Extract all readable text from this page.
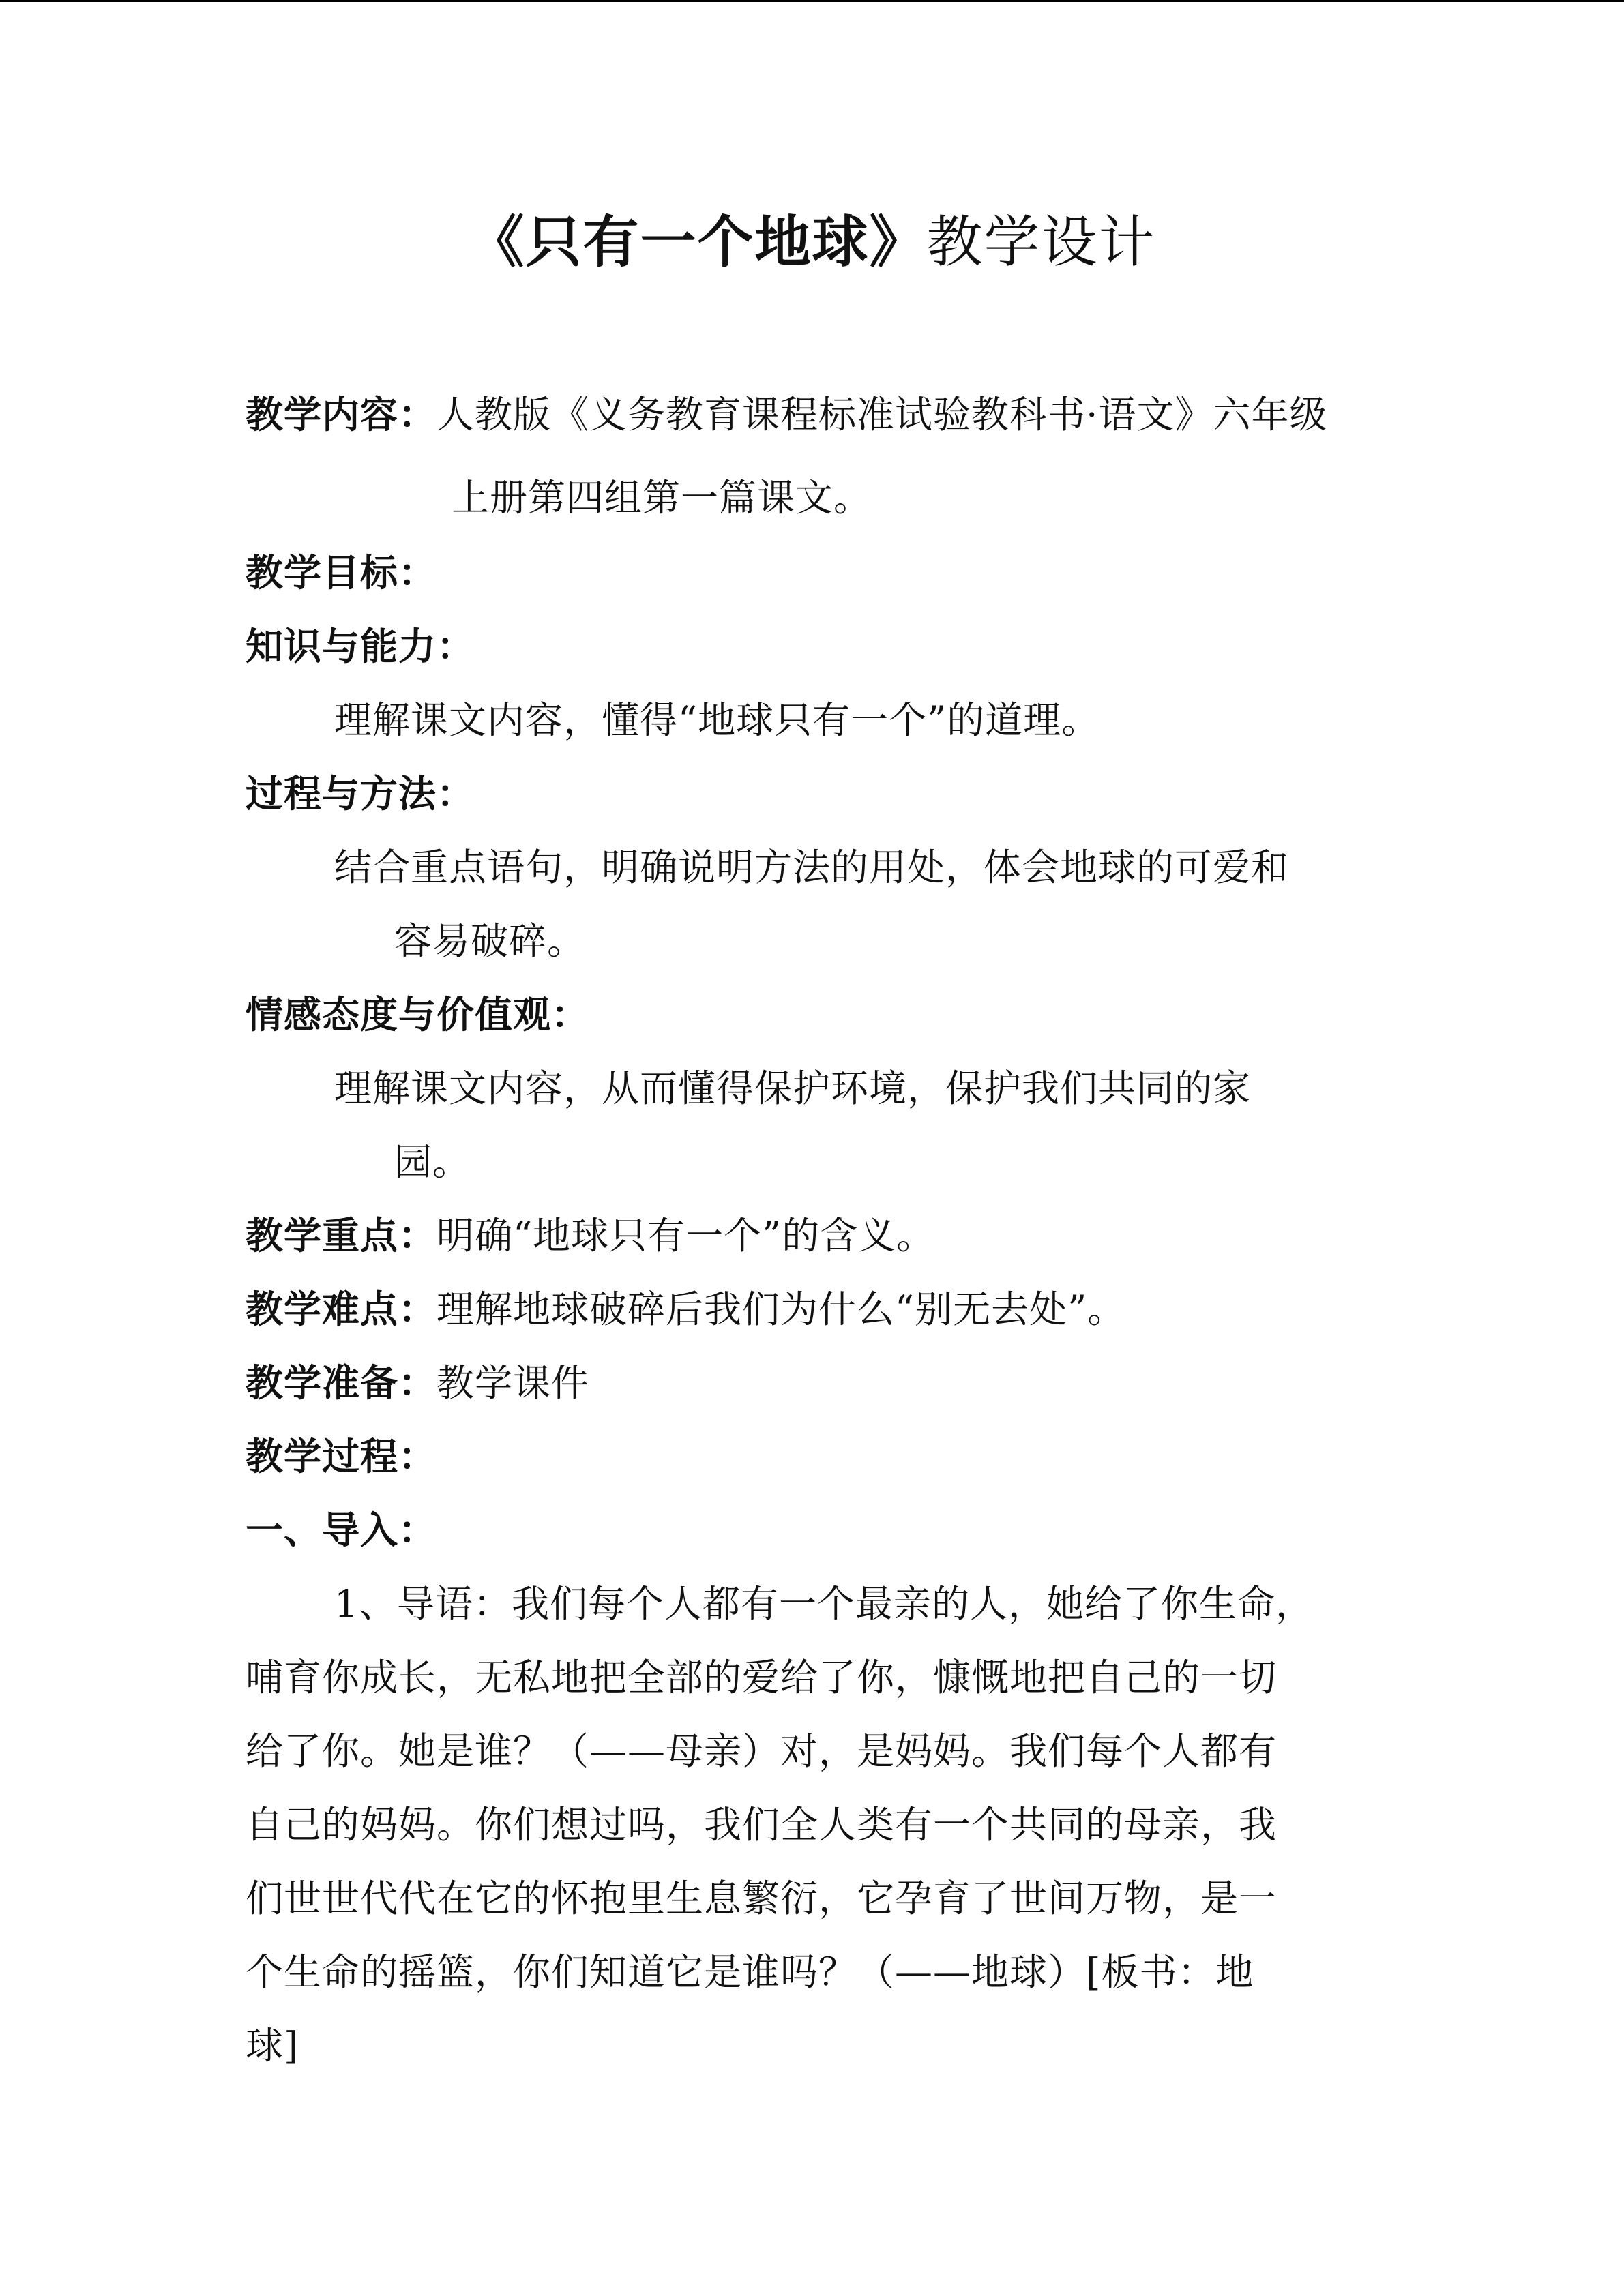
《只有一个地球》教学设计
教学内容：人教版《义务教育课程标准试验教科书·语文》六年级
上册第四组第一篇课文。
教学目标：
知识与能力：
理解课文内容，懂得“地球只有一个”的道理。
过程与方法：
结合重点语句，明确说明方法的用处，体会地球的可爱和
容易破碎。
情感态度与价值观：
理解课文内容，从而懂得保护环境，保护我们共同的家
园。
教学重点：明确“地球只有一个”的含义。
教学难点：理解地球破碎后我们为什么“别无去处”。
教学准备：教学课件
教学过程：
一、导入：
1、导语：我们每个人都有一个最亲的人，她给了你生命，
哺育你成长，无私地把全部的爱给了你，慷慨地把自己的一切
给了你。她是谁？（——母亲）对，是妈妈。我们每个人都有
自己的妈妈。你们想过吗，我们全人类有一个共同的母亲，我
们世世代代在它的怀抱里生息繁衍，它孕育了世间万物，是一
个生命的摇篮，你们知道它是谁吗？（——地球）[板书：地
球]
